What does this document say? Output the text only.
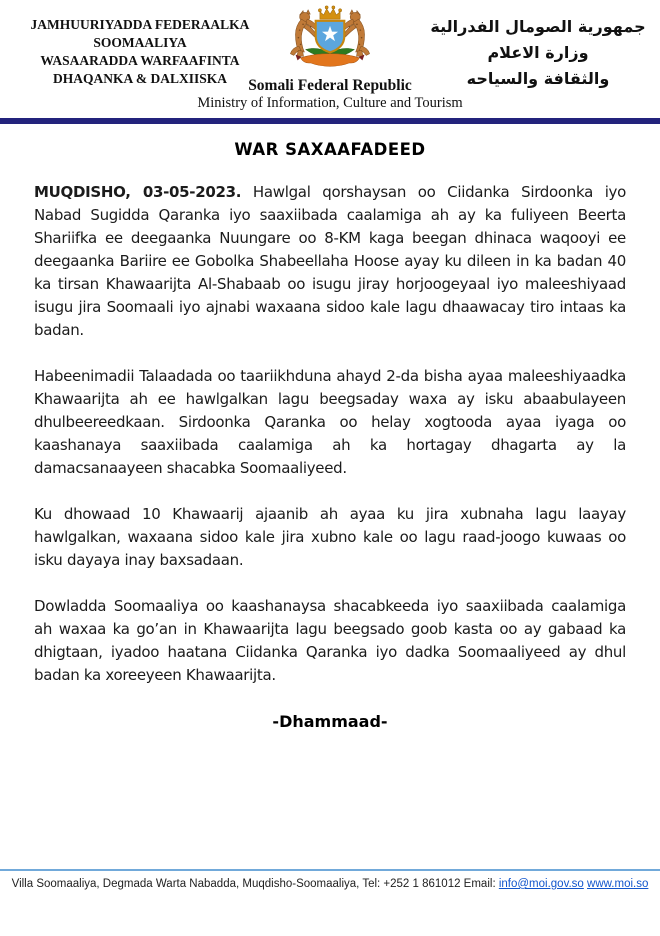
JAMHUURIYADDA FEDERAALKA
SOOMAALIYA
WASAARADDA WARFAAFINTA
DHAQANKA & DALXIISKA
جمهورية الصومال الفدرالية
وزارة الاعلام
والثقافة والسياحه
Somali Federal Republic
Ministry of Information, Culture and Tourism
WAR SAXAAFADEED

MUQDISHO, 03-05-2023. Hawlgal qorshaysan oo Ciidanka Sirdoonka iyo Nabad Sugidda Qaranka iyo saaxiibada caalamiga ah ay ka fuliyeen Beerta Shariifka ee deegaanka Nuungare oo 8-KM kaga beegan dhinaca waqooyi ee deegaanka Bariire ee Gobolka Shabeellaha Hoose ayay ku dileen in ka badan 40 ka tirsan Khawaarijta Al-Shabaab oo isugu jiray horjoogeyaal iyo maleeshiyaad isugu jira Soomaali iyo ajnabi waxaana sidoo kale lagu dhaawacay tiro intaas ka badan.

Habeenimadii Talaadada oo taariikhduna ahayd 2-da bisha ayaa maleeshiyaadka Khawaarijta ah ee hawlgalkan lagu beegsaday waxa ay isku abaabulayeen dhulbeereedkaan. Sirdoonka Qaranka oo helay xogtooda ayaa iyaga oo kaashanaya saaxiibada caalamiga ah ka hortagay dhagarta ay la damacsanaayeen shacabka Soomaaliyeed.

Ku dhowaad 10 Khawaarij ajaanib ah ayaa ku jira xubnaha lagu laayay hawlgalkan, waxaana sidoo kale jira xubno kale oo lagu raad-joogo kuwaas oo isku dayaya inay baxsadaan.

Dowladda Soomaaliya oo kaashanaysa shacabkeeda iyo saaxiibada caalamiga ah waxaa ka go’an in Khawaarijta lagu beegsado goob kasta oo ay gabaad ka dhigtaan, iyadoo haatana Ciidanka Qaranka iyo dadka Soomaaliyeed ay dhul badan ka xoreeyeen Khawaarijta.

-Dhammaad-
Villa Soomaaliya, Degmada Warta Nabadda, Muqdisho-Soomaaliya, Tel: +252 1 861012 Email: info@moi.gov.so www.moi.so
